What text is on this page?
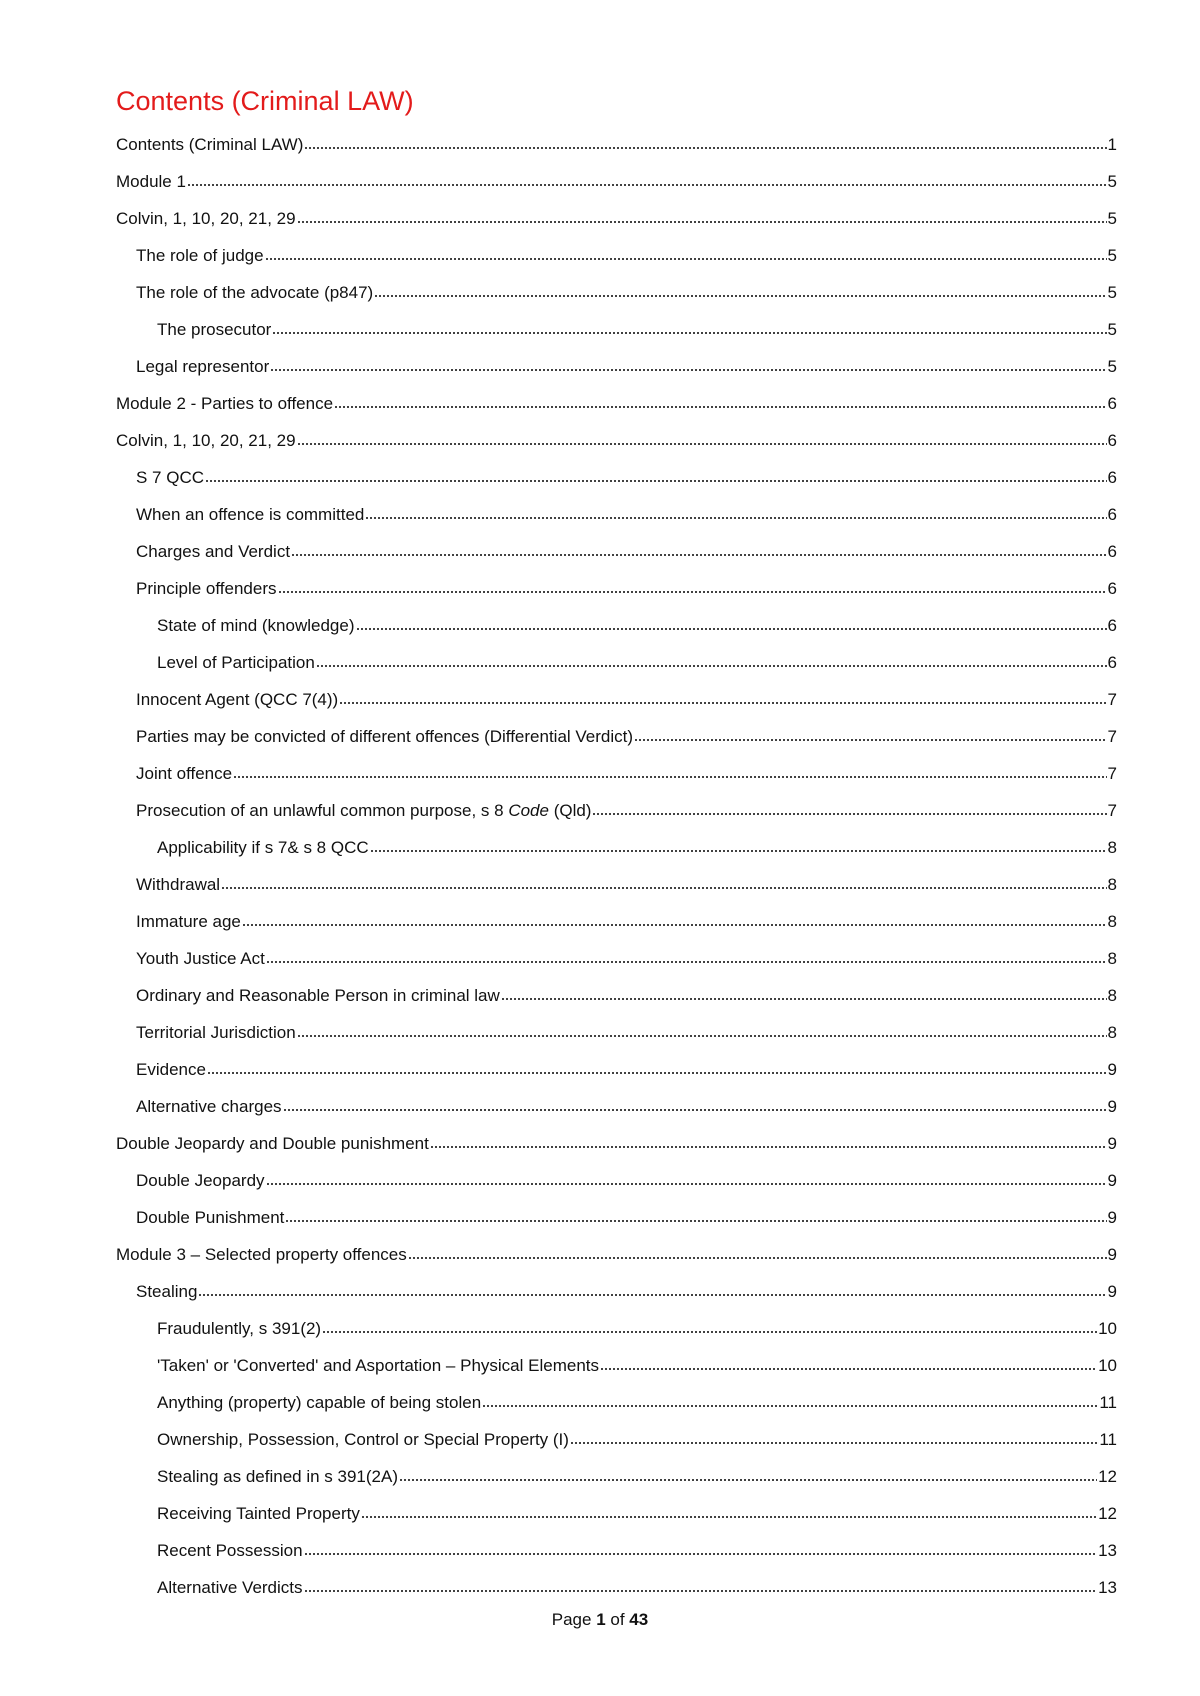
Contents (Criminal LAW)
Contents (Criminal LAW)	1
Module 1	5
Colvin, 1, 10, 20, 21, 29	5
The role of judge	5
The role of the advocate (p847)	5
The prosecutor	5
Legal representor	5
Module 2 - Parties to offence	6
Colvin, 1, 10, 20, 21, 29	6
S 7 QCC	6
When an offence is committed	6
Charges and Verdict	6
Principle offenders	6
State of mind (knowledge)	6
Level of Participation	6
Innocent Agent (QCC 7(4))	7
Parties may be convicted of different offences (Differential Verdict)	7
Joint offence	7
Prosecution of an unlawful common purpose, s 8 Code (Qld)	7
Applicability if s 7& s 8 QCC	8
Withdrawal	8
Immature age	8
Youth Justice Act	8
Ordinary and Reasonable Person in criminal law	8
Territorial Jurisdiction	8
Evidence	9
Alternative charges	9
Double Jeopardy and Double punishment	9
Double Jeopardy	9
Double Punishment	9
Module 3 – Selected property offences	9
Stealing	9
Fraudulently, s 391(2)	10
'Taken' or 'Converted' and Asportation – Physical Elements	10
Anything (property) capable of being stolen	11
Ownership, Possession, Control or Special Property (I)	11
Stealing as defined in s 391(2A)	12
Receiving Tainted Property	12
Recent Possession	13
Alternative Verdicts	13
Page 1 of 43
